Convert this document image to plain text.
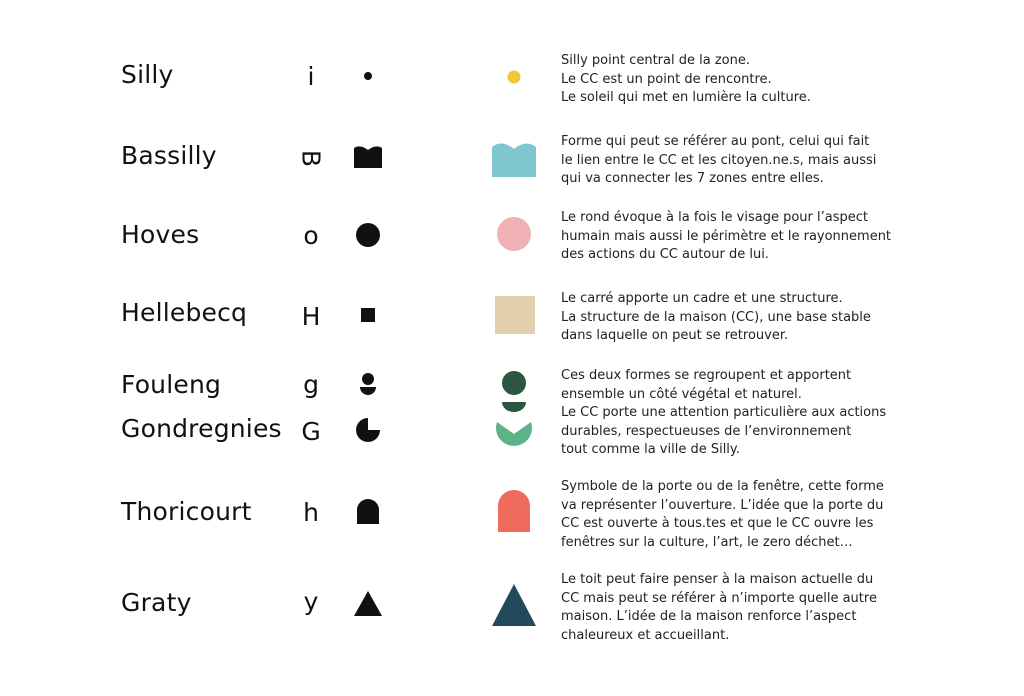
Silly	i
Silly point central de la zone.
Le CC est un point de rencontre.
Le soleil qui met en lumière la culture.
Bassilly	B
Forme qui peut se référer au pont, celui qui fait
le lien entre le CC et les citoyen.ne.s, mais aussi
qui va connecter les 7 zones entre elles.
Hoves	o
Le rond évoque à la fois le visage pour l’aspect
humain mais aussi le périmètre et le rayonnement
des actions du CC autour de lui.
Hellebecq H
Le carré apporte un cadre et une structure.
La structure de la maison (CC), une base stable
dans laquelle on peut se retrouver.
Fouleng	g
Gondregnies G
Ces deux formes se regroupent et apportent
ensemble un côté végétal et naturel.
Le CC porte une attention particulière aux actions
durables, respectueuses de l’environnement
tout comme la ville de Silly.
Thoricourt h
Symbole de la porte ou de la fenêtre, cette forme
va représenter l’ouverture. L’idée que la porte du
CC est ouverte à tous.tes et que le CC ouvre les
fenêtres sur la culture, l’art, le zero déchet…
Graty	y
Le toit peut faire penser à la maison actuelle du
CC mais peut se référer à n’importe quelle autre
maison. L’idée de la maison renforce l’aspect
chaleureux et accueillant.
